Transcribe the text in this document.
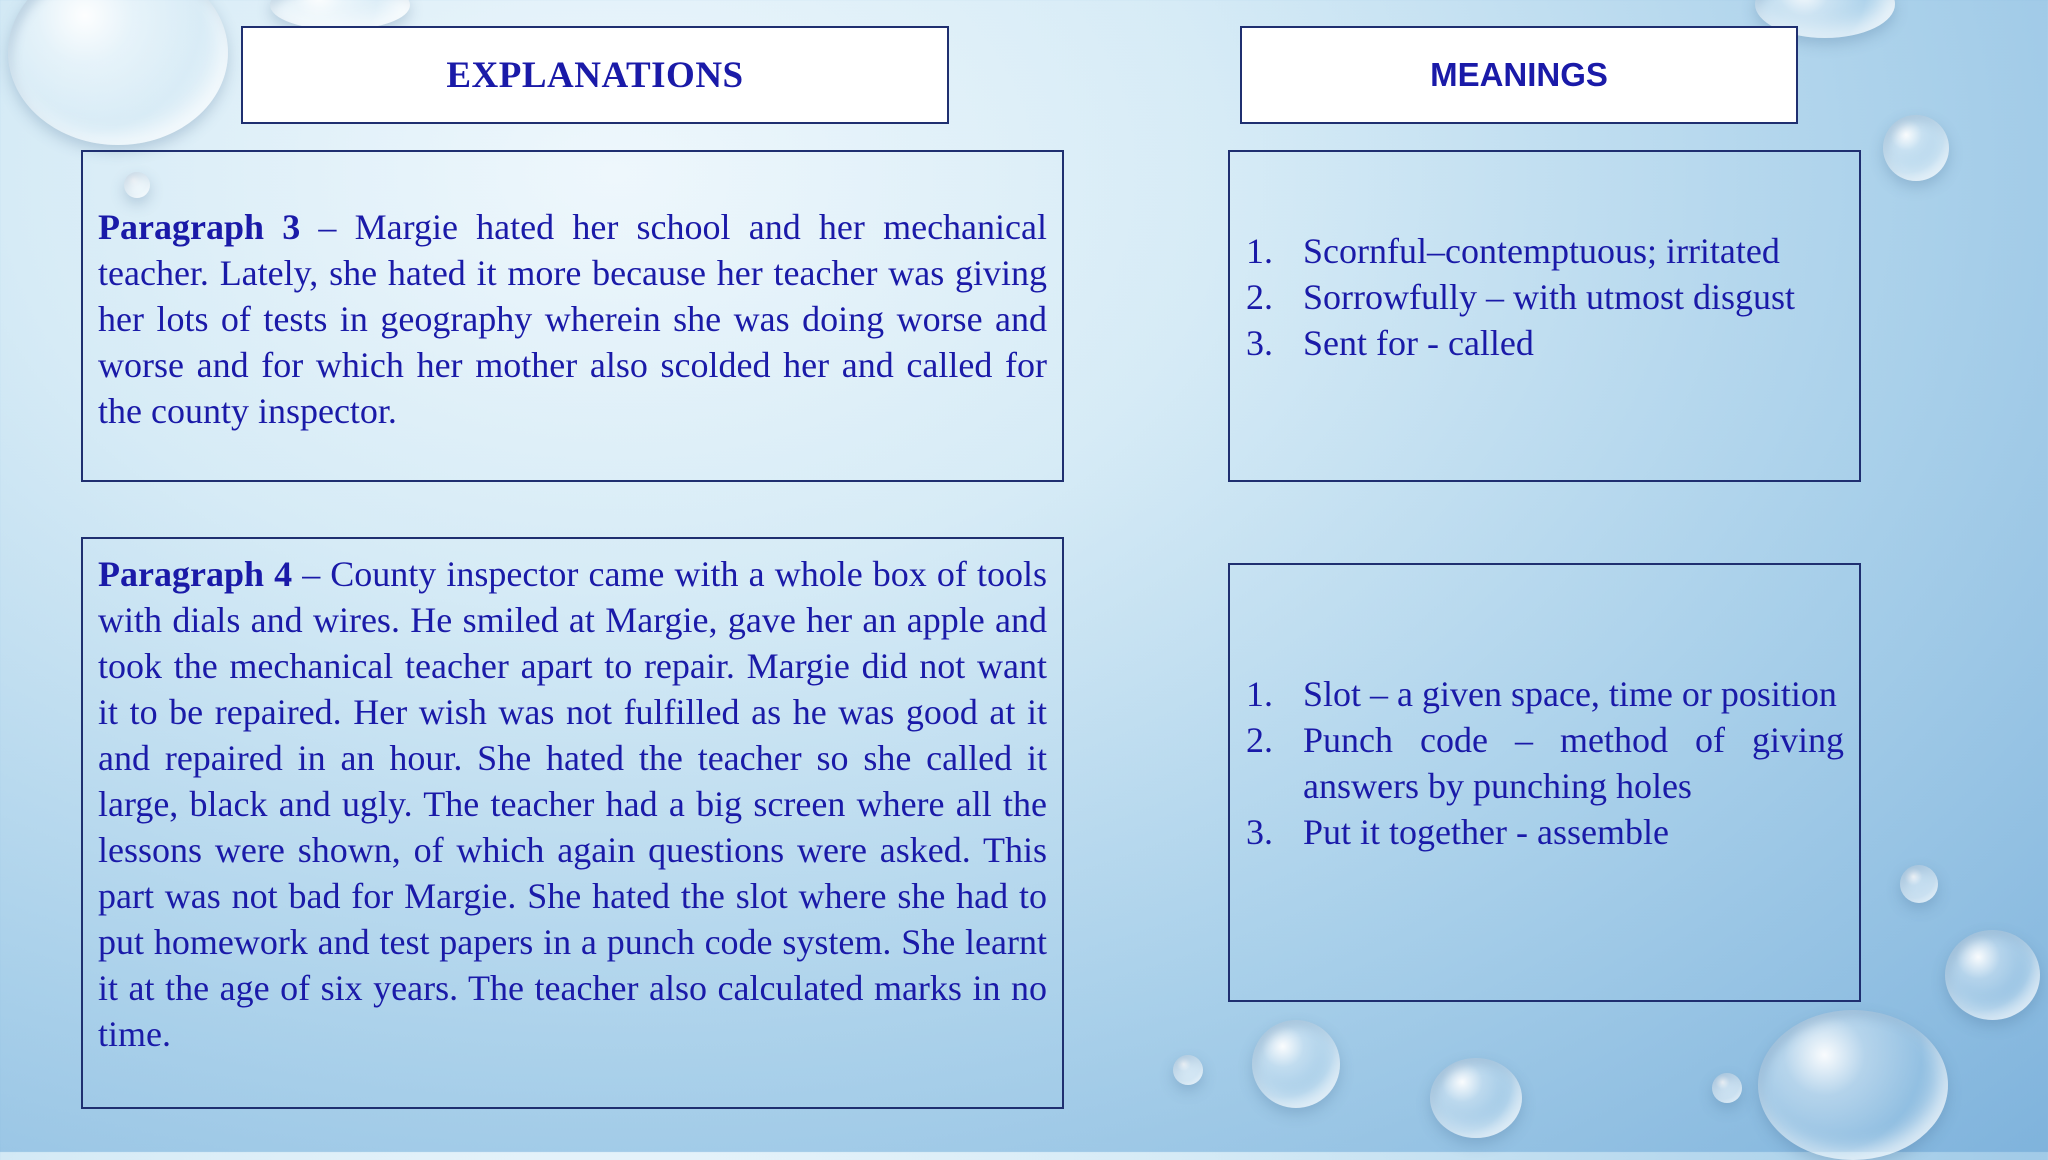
EXPLANATIONS	MEANINGS

Paragraph 3 – Margie hated her school and her mechanical teacher. Lately, she hated it more because her teacher was giving her lots of tests in geography wherein she was doing worse and worse and for which her mother also scolded her and called for the county inspector.

Paragraph 4 – County inspector came with a whole box of tools with dials and wires. He smiled at Margie, gave her an apple and took the mechanical teacher apart to repair. Margie did not want it to be repaired. Her wish was not fulfilled as he was good at it and repaired in an hour. She hated the teacher so she called it large, black and ugly. The teacher had a big screen where all the lessons were shown, of which again questions were asked. This part was not bad for Margie. She hated the slot where she had to put homework and test papers in a punch code system. She learnt it at the age of six years. The teacher also calculated marks in no time.

1. Scornful–contemptuous; irritated
2. Sorrowfully – with utmost disgust
3. Sent for - called
1. Slot – a given space, time or position
2. Punch code – method of giving answers by punching holes
3. Put it together - assemble
